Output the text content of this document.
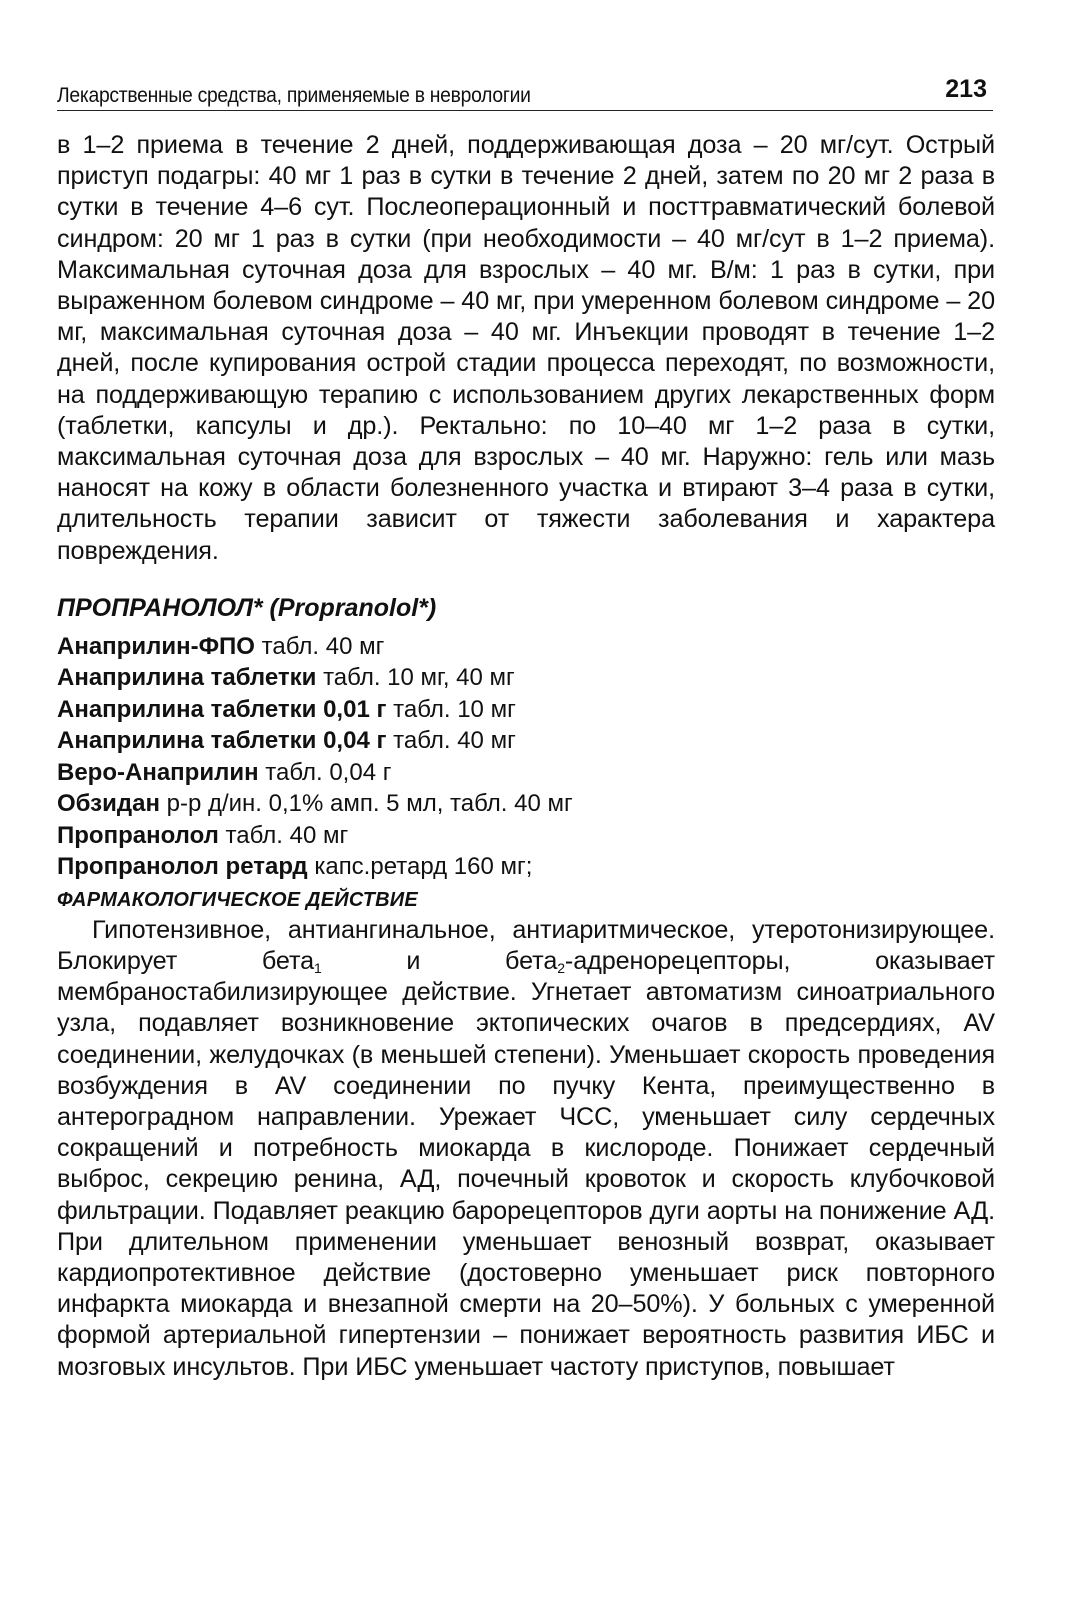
Лекарственные средства, применяемые в неврологии	213

в 1–2 приема в течение 2 дней, поддерживающая доза – 20 мг/сут. Острый приступ подагры: 40 мг 1 раз в сутки в течение 2 дней, затем по 20 мг 2 раза в сутки в течение 4–6 сут. Послеоперационный и посттравматический болевой синдром: 20 мг 1 раз в сутки (при необходимости – 40 мг/сут в 1–2 приема). Максимальная суточная доза для взрослых – 40 мг. В/м: 1 раз в сутки, при выраженном болевом синдроме – 40 мг, при умеренном болевом синдроме – 20 мг, максимальная суточная доза – 40 мг. Инъекции проводят в течение 1–2 дней, после купирования острой стадии процесса переходят, по возможности, на поддерживающую терапию с использованием других лекарственных форм (таблетки, капсулы и др.). Ректально: по 10–40 мг 1–2 раза в сутки, максимальная суточная доза для взрослых – 40 мг. Наружно: гель или мазь наносят на кожу в области болезненного участка и втирают 3–4 раза в сутки, длительность терапии зависит от тяжести заболевания и характера повреждения.

ПРОПРАНОЛОЛ* (Propranolol*)
Анаприлин-ФПО табл. 40 мг
Анаприлина таблетки табл. 10 мг, 40 мг
Анаприлина таблетки 0,01 г табл. 10 мг
Анаприлина таблетки 0,04 г табл. 40 мг
Веро-Анаприлин табл. 0,04 г
Обзидан р-р д/ин. 0,1% амп. 5 мл, табл. 40 мг
Пропранолол табл. 40 мг
Пропранолол ретард капс.ретард 160 мг;
ФАРМАКОЛОГИЧЕСКОЕ ДЕЙСТВИЕ

Гипотензивное, антиангинальное, антиаритмическое, утеротонизирующее. Блокирует бета$_1$ и бета$_2$-адренорецепторы, оказывает мембраностабилизирующее действие. Угнетает автоматизм синоатриального узла, подавляет возникновение эктопических очагов в предсердиях, AV соединении, желудочках (в меньшей степени). Уменьшает скорость проведения возбуждения в AV соединении по пучку Кента, преимущественно в антероградном направлении. Урежает ЧСС, уменьшает силу сердечных сокращений и потребность миокарда в кислороде. Понижает сердечный выброс, секрецию ренина, АД, почечный кровоток и скорость клубочковой фильтрации. Подавляет реакцию барорецепторов дуги аорты на понижение АД. При длительном применении уменьшает венозный возврат, оказывает кардиопротективное действие (достоверно уменьшает риск повторного инфаркта миокарда и внезапной смерти на 20–50%). У больных с умеренной формой артериальной гипертензии – понижает вероятность развития ИБС и мозговых инсультов. При ИБС уменьшает частоту приступов, повышает
